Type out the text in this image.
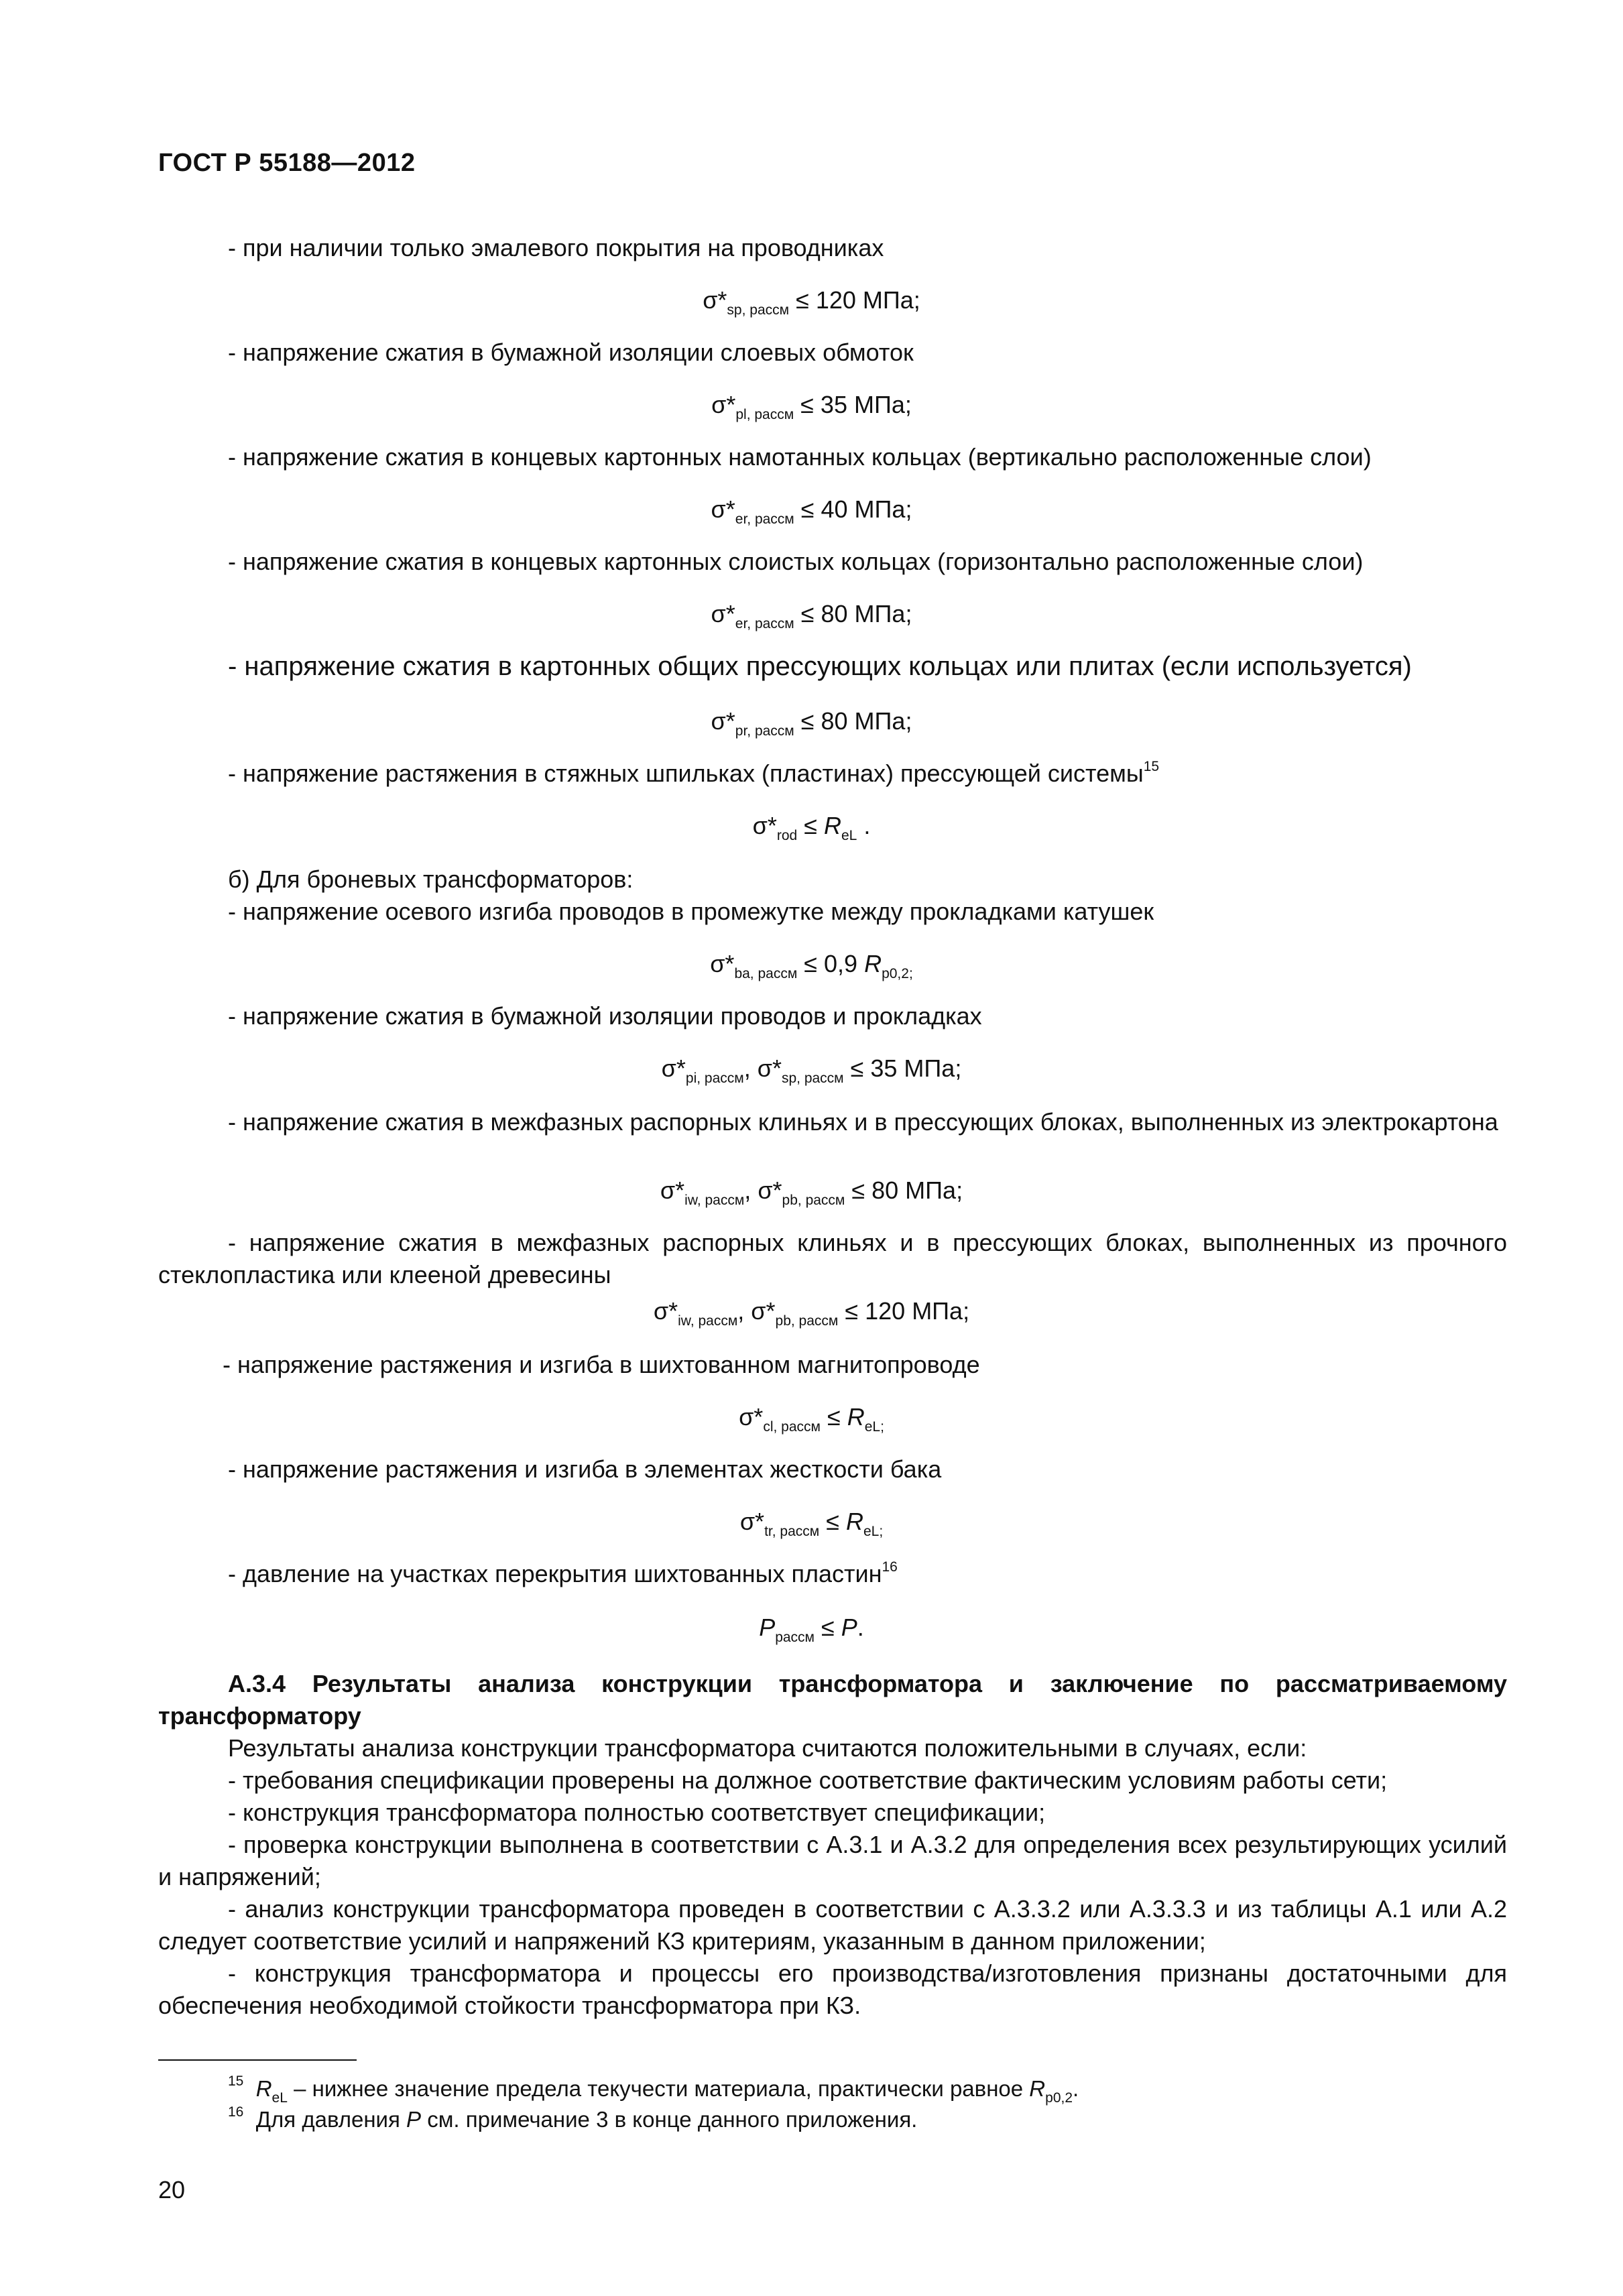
ГОСТ Р 55188—2012
- при наличии только эмалевого покрытия на проводниках
$\sigma*_{sp, рассм} \le 120$ МПа;
- напряжение сжатия в бумажной изоляции слоевых обмоток
$\sigma*_{pl, рассм} \le 35$ МПа;
- напряжение сжатия в концевых картонных намотанных кольцах (вертикально расположенные слои)
$\sigma*_{er, рассм} \le 40$ МПа;
- напряжение сжатия в концевых картонных слоистых кольцах (горизонтально расположенные слои)
$\sigma*_{er, рассм} \le 80$ МПа;
- напряжение сжатия в картонных общих прессующих кольцах или плитах (если используется)
$\sigma*_{pr, рассм} \le 80$ МПа;
- напряжение растяжения в стяжных шпильках (пластинах) прессующей системы$^{15}$
$\sigma*_{rod} \le R_{eL}$ .
б) Для броневых трансформаторов:
- напряжение осевого изгиба проводов в промежутке между прокладками катушек
$\sigma*_{ba, рассм} \le 0,9$ $R_{p0,2;}$
- напряжение сжатия в бумажной изоляции проводов и прокладках
$\sigma*_{pi, рассм}$, $\sigma*_{sp, рассм} \le 35$ МПа;
- напряжение сжатия в межфазных распорных клиньях и в прессующих блоках, выполненных из электрокартона
$\sigma*_{iw, рассм}$, $\sigma*_{pb, рассм} \le 80$ МПа;
- напряжение сжатия в межфазных распорных клиньях и в прессующих блоках, выполненных из прочного стеклопластика или клееной древесины
$\sigma*_{iw, рассм}$, $\sigma*_{pb, рассм} \le 120$ МПа;
- напряжение растяжения и изгиба в шихтованном магнитопроводе
$\sigma*_{cl, рассм} \le R_{eL;}$
- напряжение растяжения и изгиба в элементах жесткости бака
$\sigma*_{tr, рассм} \le R_{eL;}$
- давление на участках перекрытия шихтованных пластин$^{16}$
$P_{рассм} \le P$.
А.3.4 Результаты анализа конструкции трансформатора и заключение по рассматриваемому трансформатору
Результаты анализа конструкции трансформатора считаются положительными в случаях, если:
- требования спецификации проверены на должное соответствие фактическим условиям работы сети;
- конструкция трансформатора полностью соответствует спецификации;
- проверка конструкции выполнена в соответствии с А.3.1 и А.3.2 для определения всех результирующих усилий и напряжений;
- анализ конструкции трансформатора проведен в соответствии с А.3.3.2 или А.3.3.3 и из таблицы А.1 или А.2 следует соответствие усилий и напряжений КЗ критериям, указанным в данном приложении;
- конструкция трансформатора и процессы его производства/изготовления признаны достаточными для обеспечения необходимой стойкости трансформатора при КЗ.
$^{15}$ $R_{eL}$ – нижнее значение предела текучести материала, практически равное $R_{p0,2}$.
$^{16}$  Для давления P см. примечание 3 в конце данного приложения.
20
